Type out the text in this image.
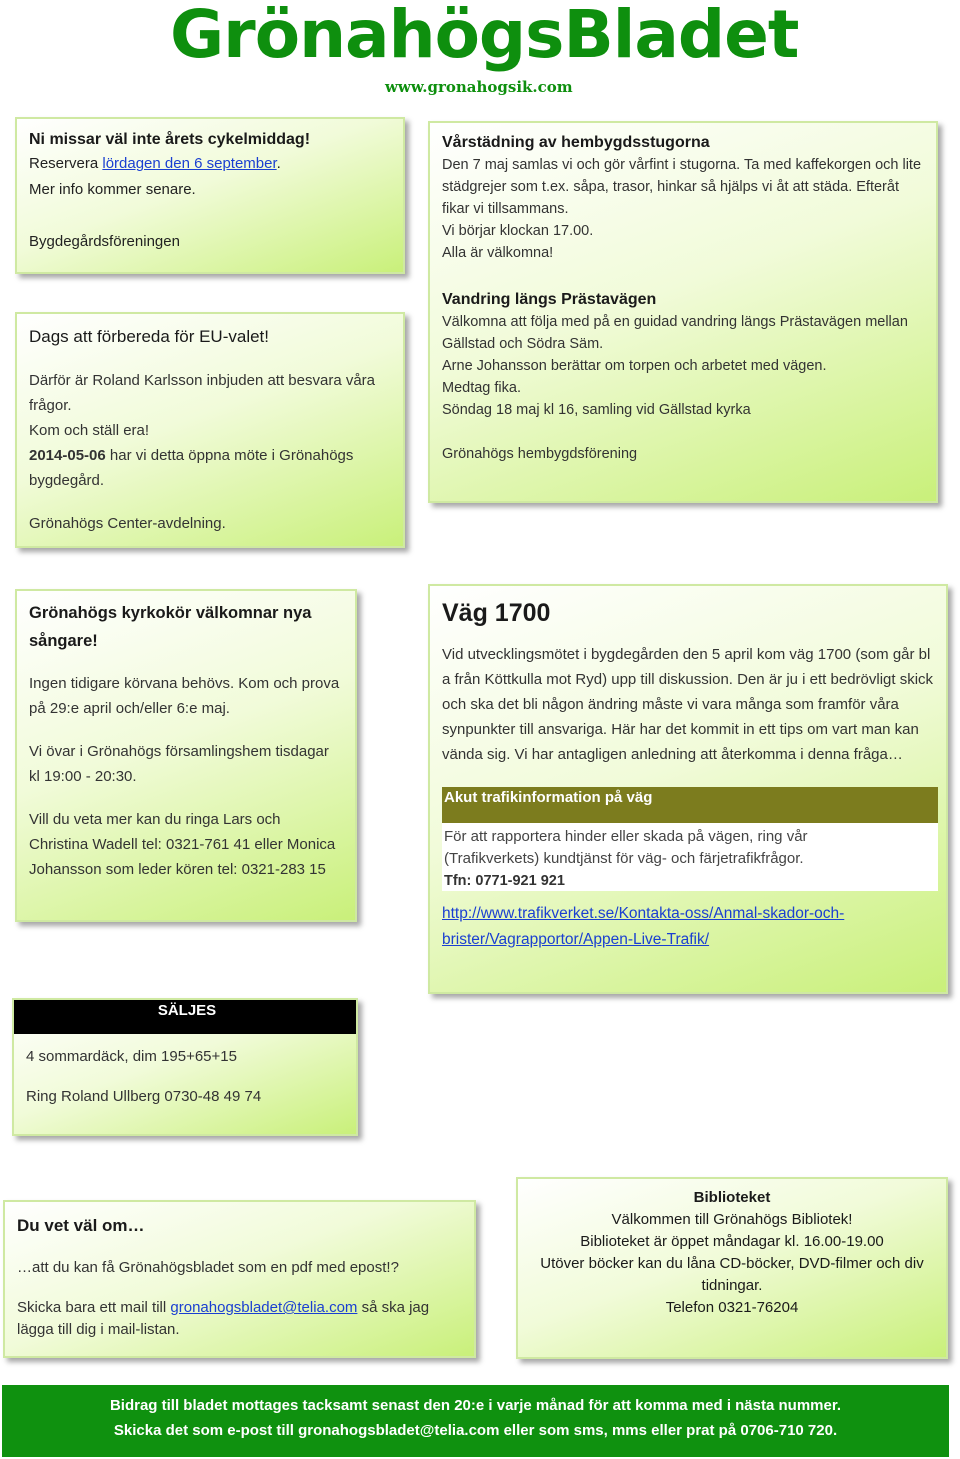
GrönahögsBladet
www.gronahogsik.com
Ni missar väl inte årets cykelmiddag!

Reservera lördagen den 6 september.

Mer info kommer senare.

Bygdegårdsföreningen

Dags att förbereda för EU-valet!

Därför är Roland Karlsson inbjuden att besvara våra frågor.

Kom och ställ era!

2014-05-06 har vi detta öppna möte i Grönahögs bygdegård.

Grönahögs Center-avdelning.

Vårstädning av hembygdsstugorna

Den 7 maj samlas vi och gör vårfint i stugorna. Ta med kaffekorgen och lite städgrejer som t.ex. såpa, trasor, hinkar så hjälps vi åt att städa. Efteråt fikar vi tillsammans.

Vi börjar klockan 17.00.

Alla är välkomna!

Vandring längs Prästavägen

Välkomna att följa med på en guidad vandring längs Prästavägen mellan Gällstad och Södra Säm.

Arne Johansson berättar om torpen och arbetet med vägen.

Medtag fika.

Söndag 18 maj kl 16, samling vid Gällstad kyrka

Grönahögs hembygdsförening

Grönahögs kyrkokör välkomnar nya sångare!

Ingen tidigare körvana behövs. Kom och prova på 29:e april och/eller 6:e maj.

Vi övar i Grönahögs församlingshem tisdagar kl 19:00 - 20:30.

Vill du veta mer kan du ringa Lars och Christina Wadell tel: 0321-761 41 eller Monica Johansson som leder kören tel: 0321-283 15

Väg 1700

Vid utvecklingsmötet i bygdegården den 5 april kom väg 1700 (som går bl a från Köttkulla mot Ryd) upp till diskussion. Den är ju i ett bedrövligt skick och ska det bli någon ändring måste vi vara många som framför våra synpunkter till ansvariga. Här har det kommit in ett tips om vart man kan vända sig. Vi har antagligen anledning att återkomma i denna fråga…

Akut trafikinformation på väg

För att rapportera hinder eller skada på vägen, ring vår

(Trafikverkets) kundtjänst för väg- och färjetrafikfrågor.

Tfn: 0771-921 921

http://www.trafikverket.se/Kontakta-oss/Anmal-skador-och-brister/Vagrapportor/Appen-Live-Trafik/

SÄLJES
4 sommardäck, dim 195+65+15
Ring Roland Ullberg 0730-48 49 74
Du vet väl om…

…att du kan få Grönahögsbladet som en pdf med epost!?

Skicka bara ett mail till gronahogsbladet@telia.com så ska jag lägga till dig i mail-listan.

Biblioteket

Välkommen till Grönahögs Bibliotek!

Biblioteket är öppet måndagar kl. 16.00-19.00

Utöver böcker kan du låna CD-böcker, DVD-filmer och div tidningar.

Telefon 0321-76204

Bidrag till bladet mottages tacksamt senast den 20:e i varje månad för att komma med i nästa nummer.
Skicka det som e-post till gronahogsbladet@telia.com eller som sms, mms eller prat på 0706-710 720.
